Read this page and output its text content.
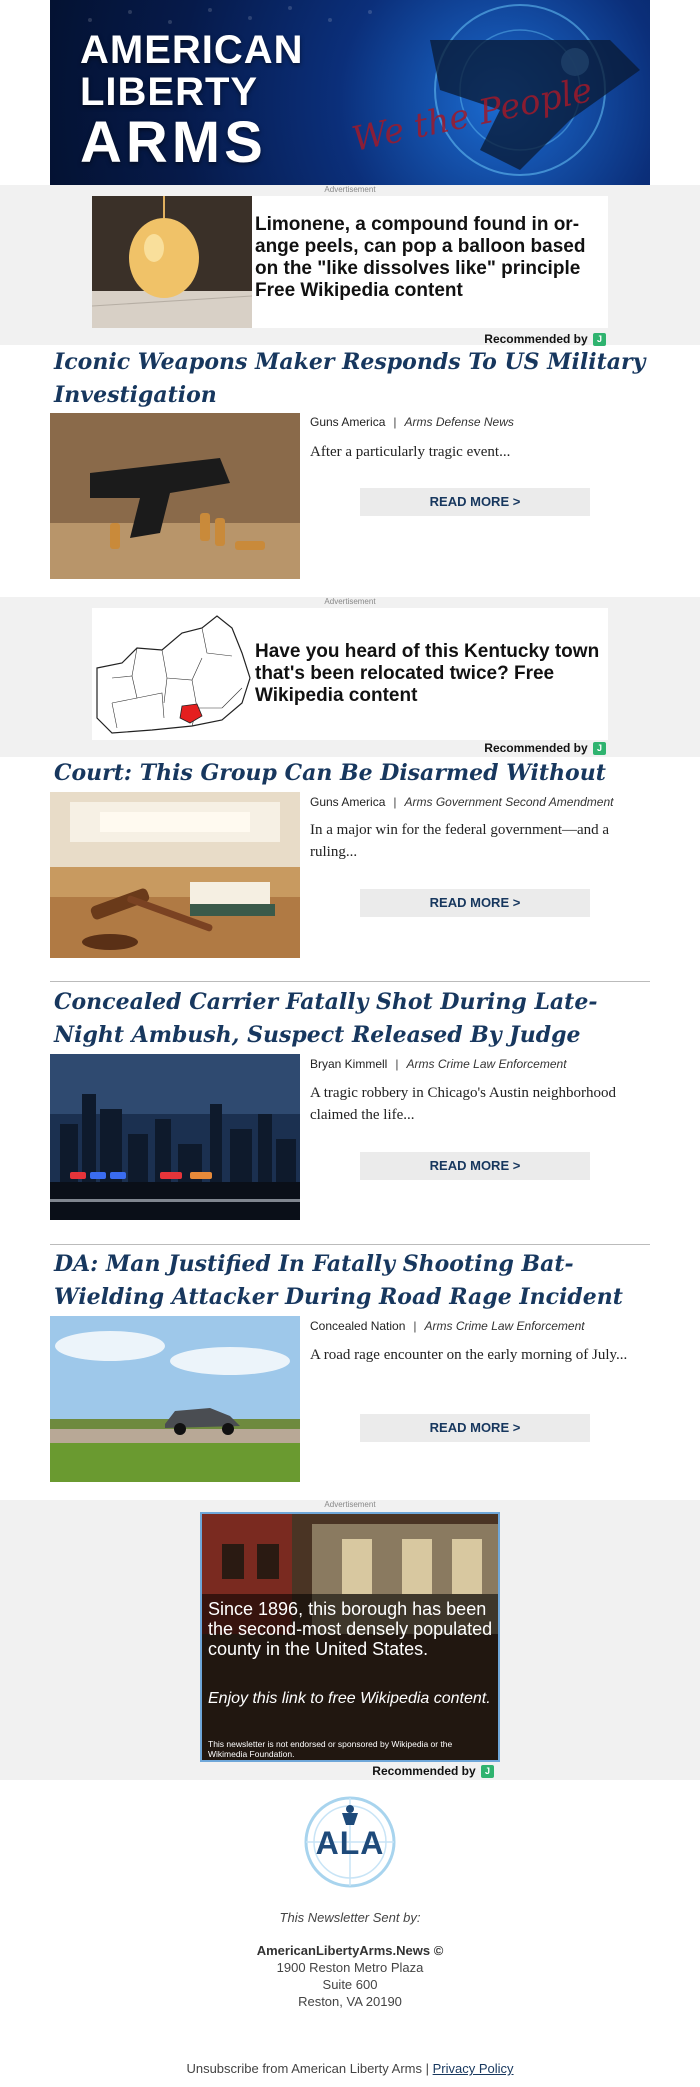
AMERICAN
LIBERTY
ARMS	We the People
Advertisement
Limonene, a compound found in or-ange peels, can pop a balloon based on the "like dissolves like" principle Free Wikipedia content
Recommended by J
Iconic Weapons Maker Responds To US Military Investigation
Guns America | Arms Defense News
After a particularly tragic event...
READ MORE >
Advertisement
Have you heard of this Kentucky town that's been relocated twice? Free Wikipedia content
Recommended by J
Court: This Group Can Be Disarmed Without
Guns America | Arms Government Second Amendment
In a major win for the federal government—and a ruling...
READ MORE >
Concealed Carrier Fatally Shot During Late-Night Ambush, Suspect Released By Judge
Bryan Kimmell | Arms Crime Law Enforcement
A tragic robbery in Chicago's Austin neighborhood claimed the life...
READ MORE >
DA: Man Justified In Fatally Shooting Bat-Wielding Attacker During Road Rage Incident
Concealed Nation | Arms Crime Law Enforcement
A road rage encounter on the early morning of July...
READ MORE >
Advertisement
Recommended by J
Since 1896, this borough has been the second-most densely populated county in the United States.
Enjoy this link to free Wikipedia content.
This newsletter is not endorsed or sponsored by Wikipedia or the Wikimedia Foundation.
ALA
This Newsletter Sent by:
AmericanLibertyArms.News ©
1900 Reston Metro Plaza
Suite 600
Reston, VA 20190
Unsubscribe from American Liberty Arms | Privacy Policy
